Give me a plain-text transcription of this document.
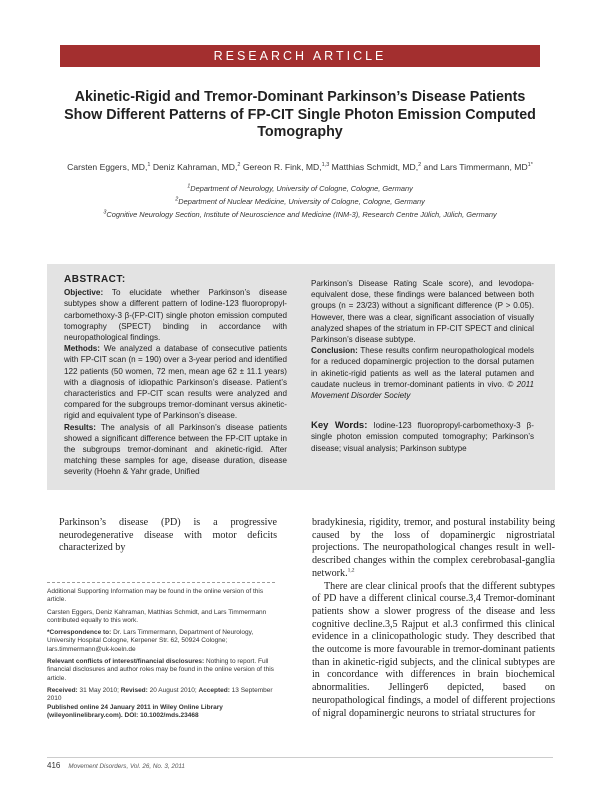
RESEARCH ARTICLE
Akinetic-Rigid and Tremor-Dominant Parkinson’s Disease Patients Show Different Patterns of FP-CIT Single Photon Emission Computed Tomography
Carsten Eggers, MD,$^1$ Deniz Kahraman, MD,$^2$ Gereon R. Fink, MD,$^{1,3}$ Matthias Schmidt, MD,$^2$ and Lars Timmermann, $MD^{1*}$
$^1$Department of Neurology, University of Cologne, Cologne, Germany
$^2$Department of Nuclear Medicine, University of Cologne, Cologne, Germany
$^3$Cognitive Neurology Section, Institute of Neuroscience and Medicine (INM-3), Research Centre Jülich, Jülich, Germany
ABSTRACT:

Objective: To elucidate whether Parkinson’s disease subtypes show a different pattern of Iodine-123 fluoropropyl-carbomethoxy-3 β-(FP-CIT) single photon emission computed tomography (SPECT) binding in accordance with neuropathological findings.

Methods: We analyzed a database of consecutive patients with FP-CIT scan (n = 190) over a 3-year period and identified 122 patients (50 women, 72 men, mean age 62 ± 11.1 years) with a diagnosis of idiopathic Parkinson’s disease. Patient’s characteristics and FP-CIT scan results were analyzed and compared for the subgroups tremor-dominant versus akinetic-rigid and equivalent type of Parkinson’s disease.

Results: The analysis of all Parkinson’s disease patients showed a significant difference between the FP-CIT uptake in the subgroups tremor-dominant and akinetic-rigid. After matching these samples for age, disease duration, disease severity (Hoehn & Yahr grade, Unified

Parkinson’s Disease Rating Scale score), and levodopa-equivalent dose, these findings were balanced between both groups (n = 23/23) without a significant difference (P > 0.05). However, there was a clear, significant association of visually analyzed shapes of the striatum in FP-CIT SPECT and clinical Parkinson’s disease subtype.

Conclusion: These results confirm neuropathological models for a reduced dopaminergic projection to the dorsal putamen in akinetic-rigid patients as well as the lateral putamen and caudate nucleus in tremor-dominant patients in vivo. © 2011 Movement Disorder Society

Key Words: Iodine-123 fluoropropyl-carbomethoxy-3 β-single photon emission computed tomography; Parkinson’s disease; visual analysis; Parkinson subtype

Parkinson’s disease (PD) is a progressive neurodegenerative disease with motor deficits characterized by

bradykinesia, rigidity, tremor, and postural instability being caused by the loss of dopaminergic nigrostriatal projections. The neuropathological changes result in well-described changes within the complex cerebrobasal-ganglia network.$^{1,2}$

There are clear clinical proofs that the different subtypes of PD have a different clinical course.3,4 Tremor-dominant patients show a slower progress of the disease and less cognitive decline.3,5 Rajput et al.3 confirmed this clinical evidence in a clinicopathologic study. They described that the outcome is more favourable in tremor-dominant patients than in akinetic-rigid subjects, and the clinical subtypes are in concordance with differences in brain biochemical abnormalities. Jellinger6 depicted, based on neuropathological findings, a model of different projections of nigral dopaminergic neurons to striatal structures for

Additional Supporting Information may be found in the online version of this article.

Carsten Eggers, Deniz Kahraman, Matthias Schmidt, and Lars Timmermann contributed equally to this work.

*Correspondence to: Dr. Lars Timmermann, Department of Neurology, University Hospital Cologne, Kerpener Str. 62, 50924 Cologne; lars.timmermann@uk-koeln.de

Relevant conflicts of interest/financial disclosures: Nothing to report. Full financial disclosures and author roles may be found in the online version of this article.

Received: 31 May 2010; Revised: 20 August 2010; Accepted: 13 September 2010

Published online 24 January 2011 in Wiley Online Library (wileyonlinelibrary.com). DOI: 10.1002/mds.23468

416 Movement Disorders, Vol. 26, No. 3, 2011
